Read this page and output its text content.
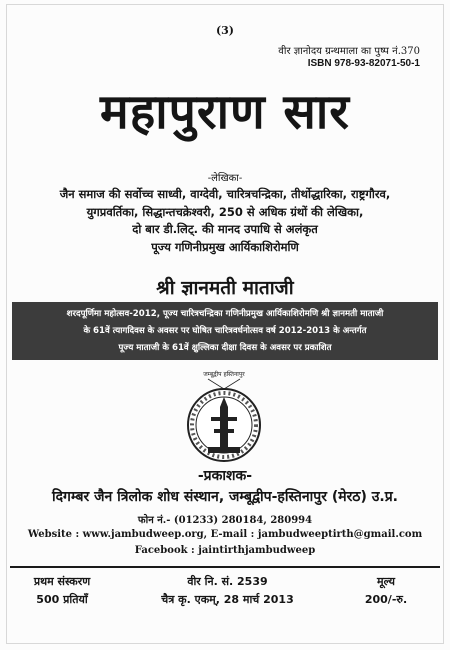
(3)
वीर ज्ञानोदय ग्रन्थमाला का पुष्प नं.370
ISBN 978-93-82071-50-1
महापुराण सार
-लेखिका-
जैन समाज की सर्वोच्च साध्वी, वाग्देवी, चारित्रचन्द्रिका, तीर्थोद्धारिका, राष्ट्रगौरव,
युगप्रवर्तिका, सिद्धान्तचक्रेश्वरी, 250 से अधिक ग्रंथों की लेखिका,
दो बार डी.लिट्. की मानद उपाधि से अलंकृत
पूज्य गणिनीप्रमुख आर्यिकाशिरोमणि
श्री ज्ञानमती माताजी
शरदपूर्णिमा महोत्सव-2012, पूज्य चारित्रचन्द्रिका गणिनीप्रमुख आर्यिकाशिरोमणि श्री ज्ञानमती माताजी
के 61वें त्यागदिवस के अवसर पर घोषित चारित्रवर्धनोत्सव वर्ष 2012-2013 के अन्तर्गत
पूज्य माताजी के 61वें क्षुल्लिका दीक्षा दिवस के अवसर पर प्रकाशित
जम्बूद्वीप हस्तिनापुर
-प्रकाशक-
दिगम्बर जैन त्रिलोक शोध संस्थान, जम्बूद्वीप-हस्तिनापुर (मेरठ) उ.प्र.
फोन नं.- (01233) 280184, 280994
Website : www.jambudweep.org, E-mail : jambudweeptirth@gmail.com
Facebook : jaintirthjambudweep
प्रथम संस्करण
500 प्रतियाँ
वीर नि. सं. 2539
चैत्र कृ. एकम्, 28 मार्च 2013
मूल्य
200/-रु.
